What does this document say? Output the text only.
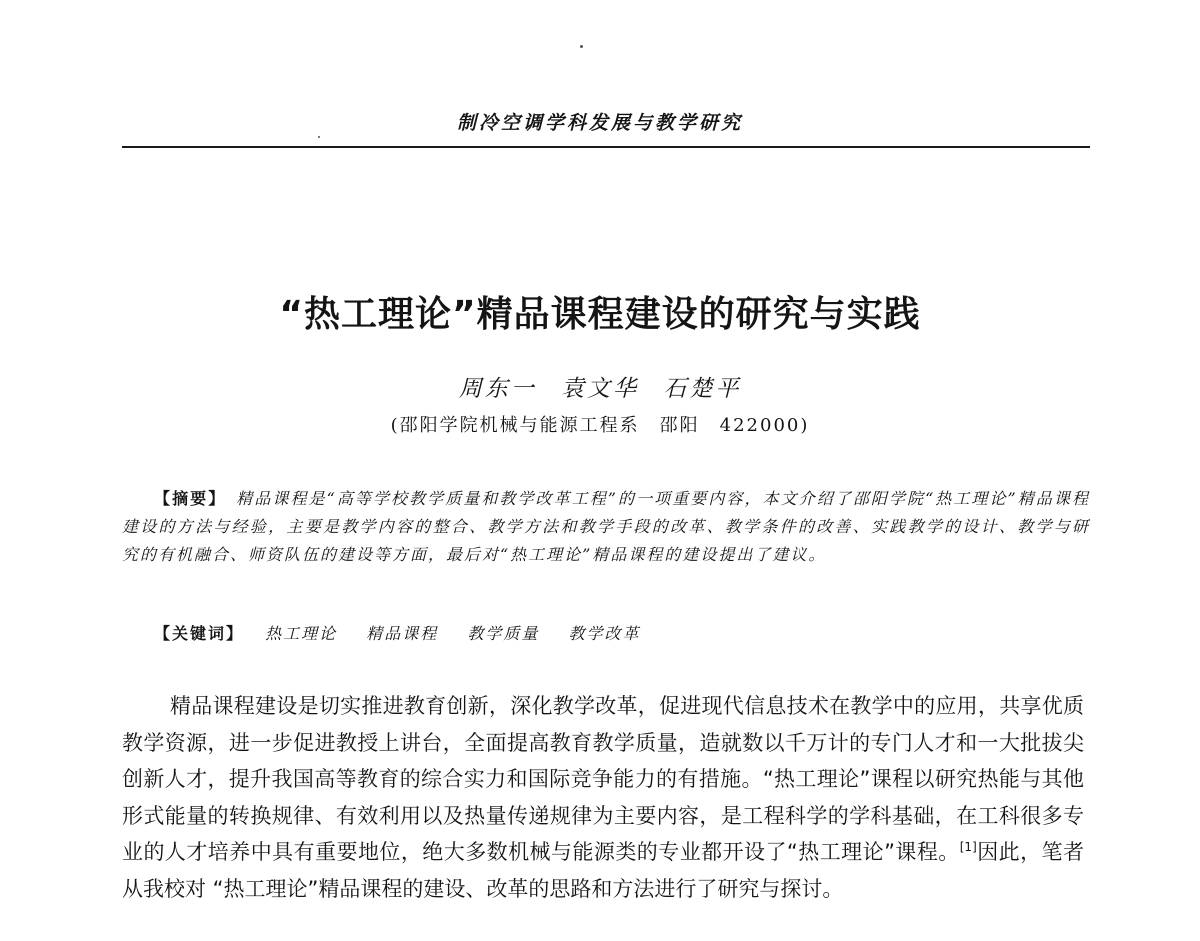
制冷空调学科发展与教学研究
“热工理论”精品课程建设的研究与实践
周东一 袁文华 石楚平
(邵阳学院机械与能源工程系　邵阳　422000)
【摘要】 精品课程是“高等学校教学质量和教学改革工程”的一项重要内容，本文介绍了邵阳学院“热工理论”精品课程建设的方法与经验，主要是教学内容的整合、教学方法和教学手段的改革、教学条件的改善、实践教学的设计、教学与研究的有机融合、师资队伍的建设等方面，最后对“热工理论”精品课程的建设提出了建议。
【关键词】 热工理论 精品课程 教学质量 教学改革
精品课程建设是切实推进教育创新，深化教学改革，促进现代信息技术在教学中的应用，共享优质教学资源，进一步促进教授上讲台，全面提高教育教学质量，造就数以千万计的专门人才和一大批拔尖创新人才，提升我国高等教育的综合实力和国际竞争能力的有措施。“热工理论”课程以研究热能与其他形式能量的转换规律、有效利用以及热量传递规律为主要内容，是工程科学的学科基础，在工科很多专业的人才培养中具有重要地位，绝大多数机械与能源类的专业都开设了“热工理论”课程。[1]因此，笔者从我校对 “热工理论”精品课程的建设、改革的思路和方法进行了研究与探讨。
